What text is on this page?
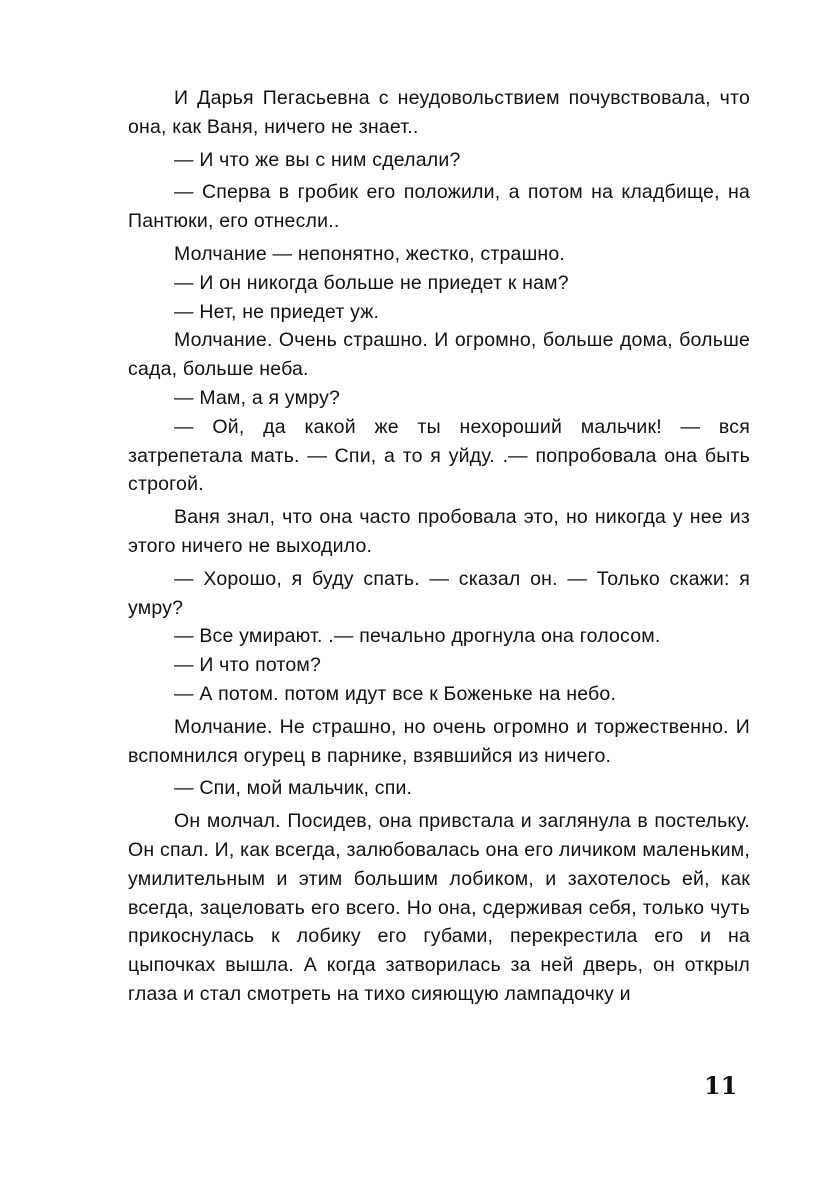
И Дарья Пегасьевна с неудовольствием почувствовала, что она, как Ваня, ничего не знает..

— И что же вы с ним сделали?

— Сперва в гробик его положили, а потом на кладбище, на Пантюки, его отнесли..

Молчание — непонятно, жестко, страшно.

— И он никогда больше не приедет к нам?

— Нет, не приедет уж.

Молчание. Очень страшно. И огромно, больше дома, больше сада, больше неба.

— Мам, а я умру?

— Ой, да какой же ты нехороший мальчик! — вся затрепетала мать. — Спи, а то я уйду. .— попробовала она быть строгой.

Ваня знал, что она часто пробовала это, но никогда у нее из этого ничего не выходило.

— Хорошо, я буду спать. — сказал он. — Только скажи: я умру?

— Все умирают. .— печально дрогнула она голосом.

— И что потом?

— А потом. потом идут все к Боженьке на небо.

Молчание. Не страшно, но очень огромно и торжественно. И вспомнился огурец в парнике, взявшийся из ничего.

— Спи, мой мальчик, спи.

Он молчал. Посидев, она привстала и заглянула в постельку. Он спал. И, как всегда, залюбовалась она его личиком маленьким, умилительным и этим большим лобиком, и захотелось ей, как всегда, зацеловать его всего. Но она, сдерживая себя, только чуть прикоснулась к лобику его губами, перекрестила его и на цыпочках вышла. А когда затворилась за ней дверь, он открыл глаза и стал смотреть на тихо сияющую лампадочку и

11
